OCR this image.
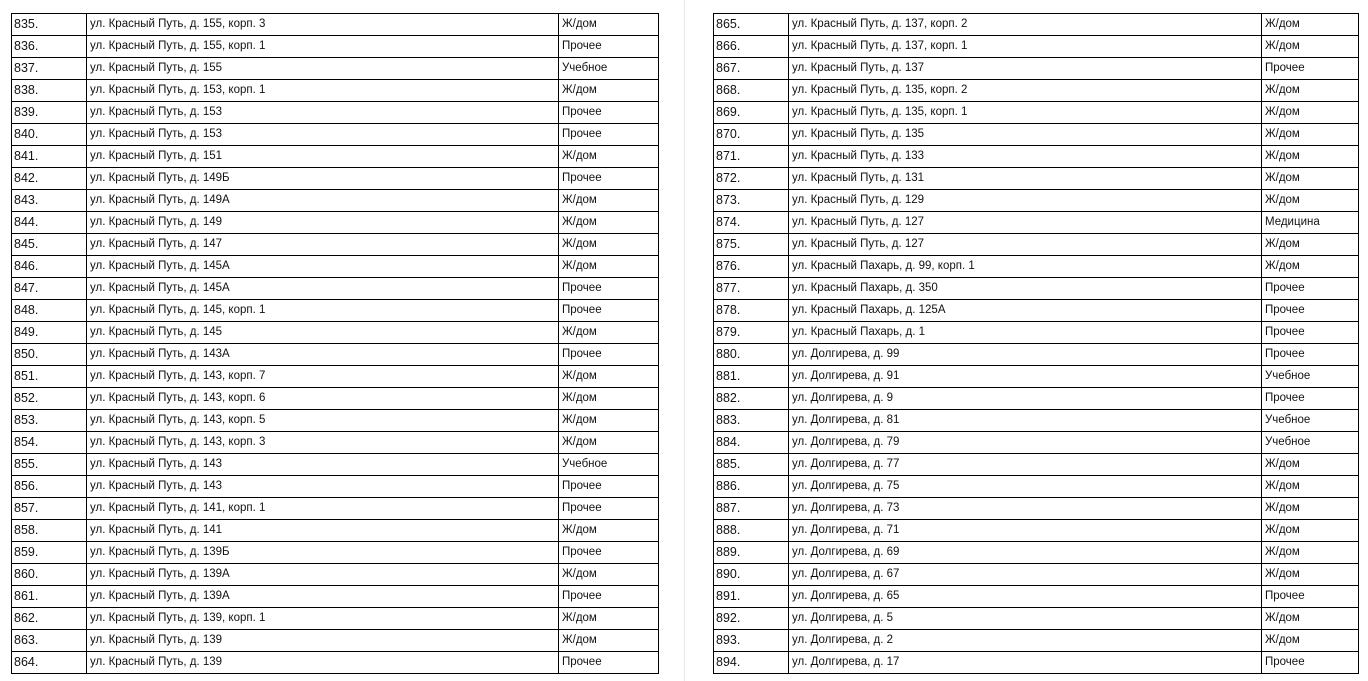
835.	ул. Красный Путь, д. 155, корп. 3	Ж/дом
836.	ул. Красный Путь, д. 155, корп. 1	Прочее
837.	ул. Красный Путь, д. 155	Учебное
838.	ул. Красный Путь, д. 153, корп. 1	Ж/дом
839.	ул. Красный Путь, д. 153	Прочее
840.	ул. Красный Путь, д. 153	Прочее
841.	ул. Красный Путь, д. 151	Ж/дом
842.	ул. Красный Путь, д. 149Б	Прочее
843.	ул. Красный Путь, д. 149А	Ж/дом
844.	ул. Красный Путь, д. 149	Ж/дом
845.	ул. Красный Путь, д. 147	Ж/дом
846.	ул. Красный Путь, д. 145А	Ж/дом
847.	ул. Красный Путь, д. 145А	Прочее
848.	ул. Красный Путь, д. 145, корп. 1	Прочее
849.	ул. Красный Путь, д. 145	Ж/дом
850.	ул. Красный Путь, д. 143А	Прочее
851.	ул. Красный Путь, д. 143, корп. 7	Ж/дом
852.	ул. Красный Путь, д. 143, корп. 6	Ж/дом
853.	ул. Красный Путь, д. 143, корп. 5	Ж/дом
854.	ул. Красный Путь, д. 143, корп. 3	Ж/дом
855.	ул. Красный Путь, д. 143	Учебное
856.	ул. Красный Путь, д. 143	Прочее
857.	ул. Красный Путь, д. 141, корп. 1	Прочее
858.	ул. Красный Путь, д. 141	Ж/дом
859.	ул. Красный Путь, д. 139Б	Прочее
860.	ул. Красный Путь, д. 139А	Ж/дом
861.	ул. Красный Путь, д. 139А	Прочее
862.	ул. Красный Путь, д. 139, корп. 1	Ж/дом
863.	ул. Красный Путь, д. 139	Ж/дом
864.	ул. Красный Путь, д. 139	Прочее
865.	ул. Красный Путь, д. 137, корп. 2	Ж/дом
866.	ул. Красный Путь, д. 137, корп. 1	Ж/дом
867.	ул. Красный Путь, д. 137	Прочее
868.	ул. Красный Путь, д. 135, корп. 2	Ж/дом
869.	ул. Красный Путь, д. 135, корп. 1	Ж/дом
870.	ул. Красный Путь, д. 135	Ж/дом
871.	ул. Красный Путь, д. 133	Ж/дом
872.	ул. Красный Путь, д. 131	Ж/дом
873.	ул. Красный Путь, д. 129	Ж/дом
874.	ул. Красный Путь, д. 127	Медицина
875.	ул. Красный Путь, д. 127	Ж/дом
876.	ул. Красный Пахарь, д. 99, корп. 1	Ж/дом
877.	ул. Красный Пахарь, д. 350	Прочее
878.	ул. Красный Пахарь, д. 125А	Прочее
879.	ул. Красный Пахарь, д. 1	Прочее
880.	ул. Долгирева, д. 99	Прочее
881.	ул. Долгирева, д. 91	Учебное
882.	ул. Долгирева, д. 9	Прочее
883.	ул. Долгирева, д. 81	Учебное
884.	ул. Долгирева, д. 79	Учебное
885.	ул. Долгирева, д. 77	Ж/дом
886.	ул. Долгирева, д. 75	Ж/дом
887.	ул. Долгирева, д. 73	Ж/дом
888.	ул. Долгирева, д. 71	Ж/дом
889.	ул. Долгирева, д. 69	Ж/дом
890.	ул. Долгирева, д. 67	Ж/дом
891.	ул. Долгирева, д. 65	Прочее
892.	ул. Долгирева, д. 5	Ж/дом
893.	ул. Долгирева, д. 2	Ж/дом
894.	ул. Долгирева, д. 17	Прочее
